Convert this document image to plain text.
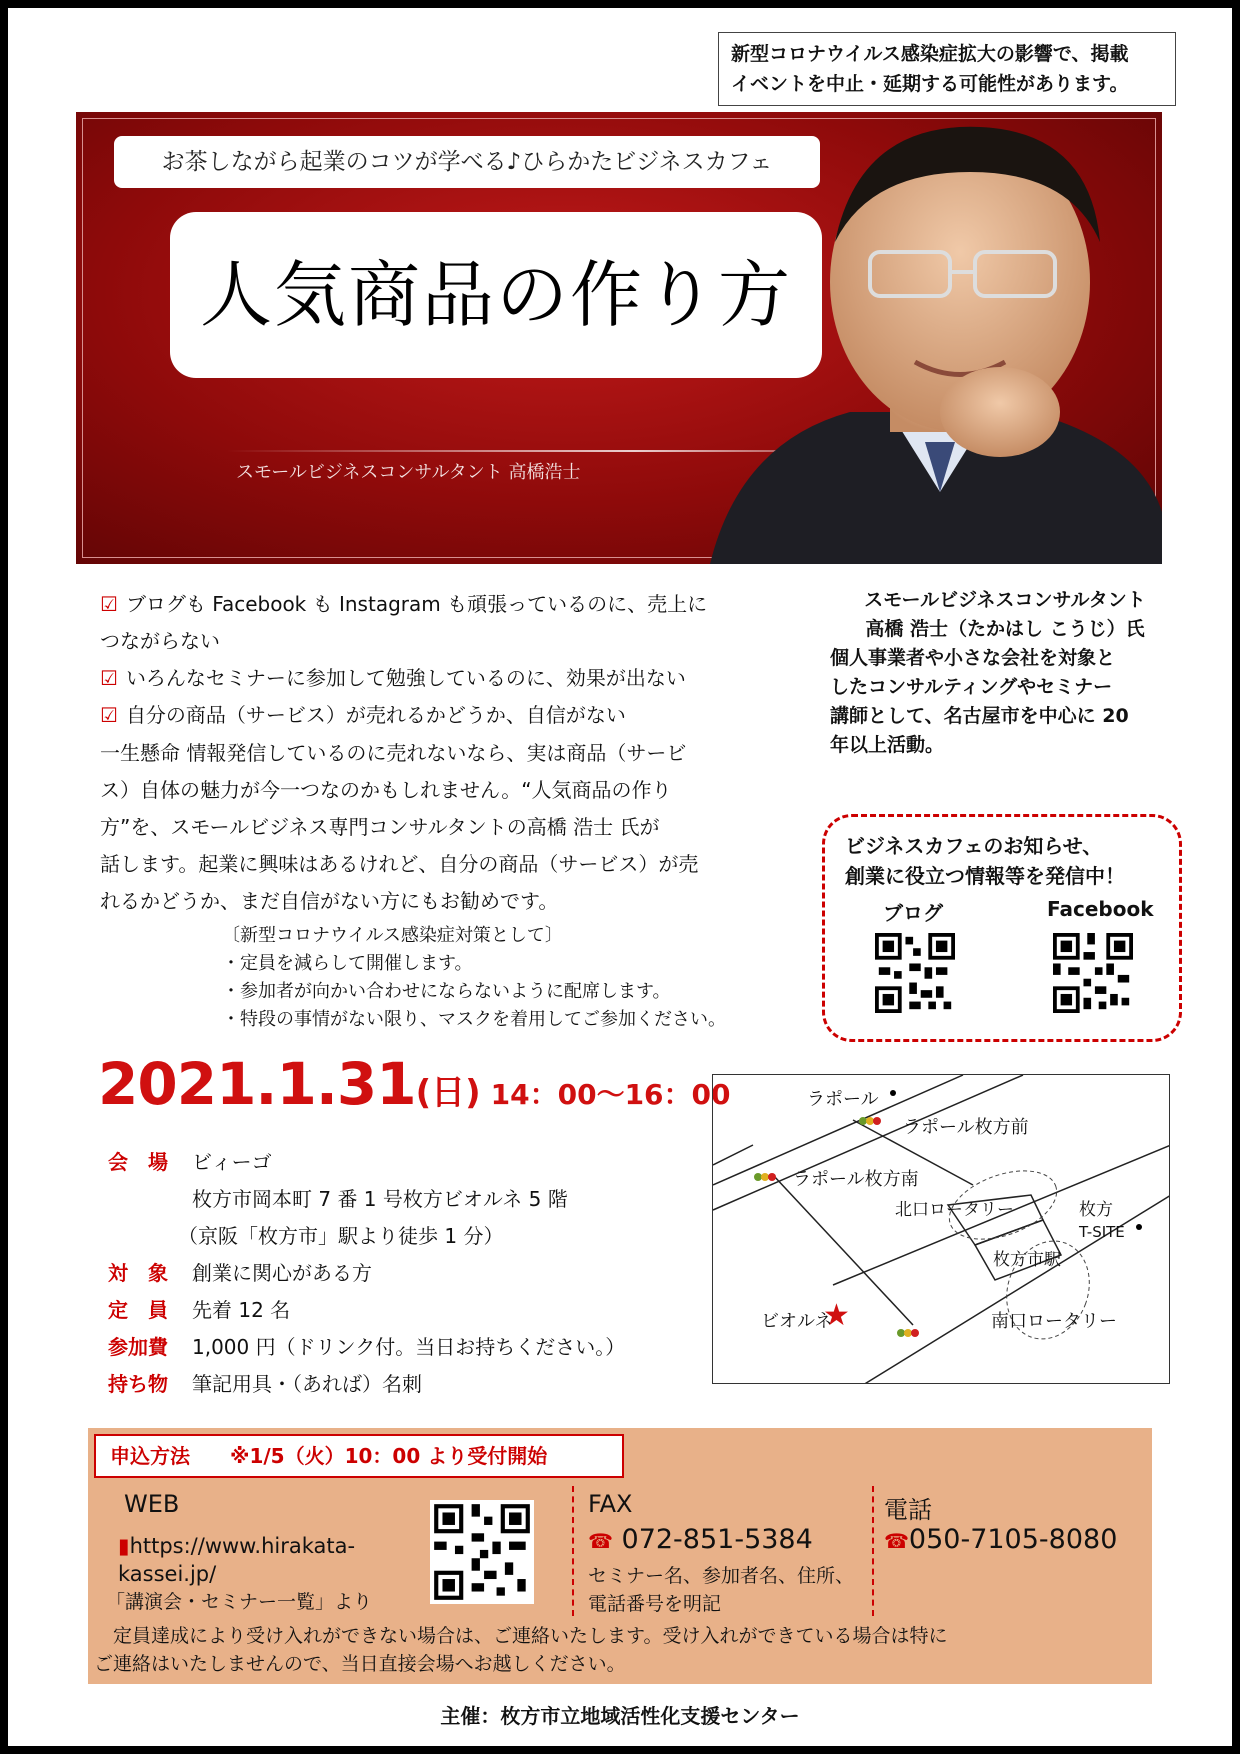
新型コロナウイルス感染症拡大の影響で、掲載
イベントを中止・延期する可能性があります。
お茶しながら起業のコツが学べる♪ひらかたビジネスカフェ
人気商品の作り方
スモールビジネスコンサルタント 高橋浩士
☑ ブログも Facebook も Instagram も頑張っているのに、売上に
つながらない
☑ いろんなセミナーに参加して勉強しているのに、効果が出ない
☑ 自分の商品（サービス）が売れるかどうか、自信がない
一生懸命 情報発信しているのに売れないなら、実は商品（サービ
ス）自体の魅力が今一つなのかもしれません。“人気商品の作り
方”を、スモールビジネス専門コンサルタントの高橋 浩士 氏が
話します。起業に興味はあるけれど、自分の商品（サービス）が売
れるかどうか、まだ自信がない方にもお勧めです。
〔新型コロナウイルス感染症対策として〕
・定員を減らして開催します。
・参加者が向かい合わせにならないように配席します。
・特段の事情がない限り、マスクを着用してご参加ください。
スモールビジネスコンサルタント
高橋 浩士（たかはし こうじ）氏
個人事業者や小さな会社を対象と
したコンサルティングやセミナー
講師として、名古屋市を中心に 20
年以上活動。
ビジネスカフェのお知らせ、
創業に役立つ情報等を発信中！
ブログ	Facebook
2021.1.31(日) 14：00～16：00
会　場 ビィーゴ
枚方市岡本町 7 番 1 号枚方ビオルネ 5 階
（京阪「枚方市」駅より徒歩 1 分）
対　象 創業に関心がある方
定　員 先着 12 名
参加費 1,000 円（ドリンク付。当日お持ちください。）
持ち物 筆記用具・（あれば）名刺
ラポール
ラポール枚方前
ラポール枚方南
北口ロータリー	枚方
T-SITE
枚方市駅
ビオルネ
★	南口ロータリー
申込方法　　※1/5（火）10：00 より受付開始
WEB
▮https://www.hirakata-
kassei.jp/
「講演会・セミナー一覧」より
FAX
☎ 072-851-5384
セミナー名、参加者名、住所、
電話番号を明記
電話
☎050-7105-8080
　定員達成により受け入れができない場合は、ご連絡いたします。受け入れができている場合は特に
ご連絡はいたしませんので、当日直接会場へお越しください。
主催：枚方市立地域活性化支援センター
